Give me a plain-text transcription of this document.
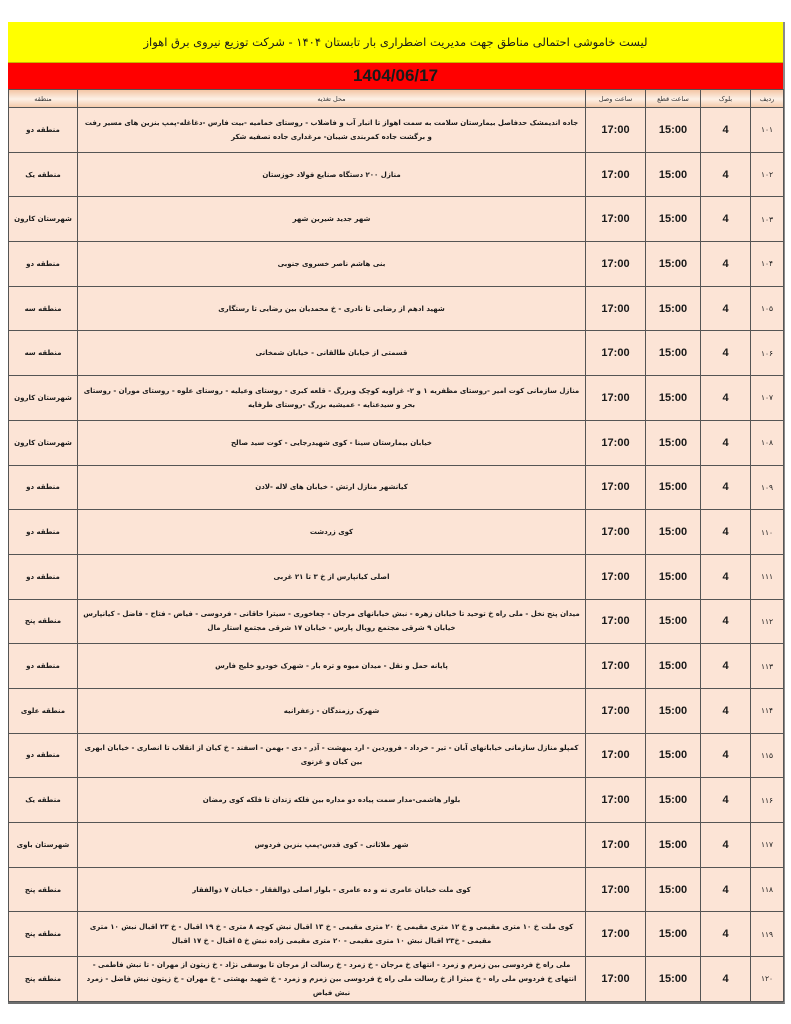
لیست خاموشی احتمالی مناطق جهت مدیریت اضطراری بار تابستان ۱۴۰۴ - شرکت توزیع نیروی برق اهواز
1404/06/17
ردیف	بلوک	ساعت قطع	ساعت وصل	محل تغذیه	منطقه
۱۰۱	4	15:00	17:00	جاده اندیمشک حدفاصل بیمارستان سلامت به سمت اهواز تا انبار آب و فاضلاب - روستای خمامیه -بیت فارس -دغاغله-پمپ بنزین های مسیر رفت و برگشت جاده کمربندی شیبان- مرغداری جاده تصفیه شکر	منطقه دو
۱۰۲	4	15:00	17:00	منازل ۲۰۰ دستگاه صنایع فولاد خوزستان	منطقه یک
۱۰۳	4	15:00	17:00	شهر جدید شیرین شهر	شهرستان کارون
۱۰۴	4	15:00	17:00	بنی هاشم ناصر خسروی جنوبی	منطقه دو
۱۰۵	4	15:00	17:00	شهید ادهم از رضایی تا نادری - خ محمدیان بین رضایی تا رستگاری	منطقه سه
۱۰۶	4	15:00	17:00	قسمتی از خیابان طالقانی - خیابان شمخانی	منطقه سه
۱۰۷	4	15:00	17:00	منازل سازمانی کوت امیر -روستای مظفریه ۱ و ۲- غزاویه کوچک وبزرگ - قلعه کبری - روستای وعیلیه - روستای علوه - روستای موران - روستای بحر و سیدعنایه - عمیشیه بزرگ -روستای طرفایه	شهرستان کارون
۱۰۸	4	15:00	17:00	خیابان بیمارستان سینا - کوی شهیدرجایی - کوت سید صالح	شهرستان کارون
۱۰۹	4	15:00	17:00	کیانشهر منازل ارتش - خیابان های لاله -لادن	منطقه دو
۱۱۰	4	15:00	17:00	کوی زردشت	منطقه دو
۱۱۱	4	15:00	17:00	اصلی کیانپارس از خ ۳ تا ۲۱ غربی	منطقه دو
۱۱۲	4	15:00	17:00	میدان پنج نخل - ملی راه خ توحید تا خیابان زهره - نبش خیابانهای مرجان - چغاخوری - سیترا خاقانی - فردوسی - فیاض - فتاح - فاضل - کیانپارس خیابان ۹ شرقی مجتمع رویال پارس - خیابان ۱۷ شرقی مجتمع استار مال	منطقه پنج
۱۱۳	4	15:00	17:00	پایانه حمل و نقل - میدان میوه و تره بار - شهرک خودرو خلیج فارس	منطقه دو
۱۱۴	4	15:00	17:00	شهرک رزمندگان - زعفرانیه	منطقه علوی
۱۱۵	4	15:00	17:00	کمپلو منازل سازمانی خیابانهای آبان - تیر - خرداد - فروردین - ارد یبهشت - آذر - دی - بهمن - اسفند - خ کیان از انقلاب تا انصاری - خیابان ابهری بین کیان و غزنوی	منطقه دو
۱۱۶	4	15:00	17:00	بلوار هاشمی-مدار سمت پیاده دو مداره بین فلکه زندان تا فلکه کوی رمضان	منطقه یک
۱۱۷	4	15:00	17:00	شهر ملاثانی - کوی قدس-پمپ بنزین فردوس	شهرستان باوی
۱۱۸	4	15:00	17:00	کوی ملت خیابان عامری نه و ده عامری - بلوار اصلی ذوالفقار - خیابان ۷ ذوالفقار	منطقه پنج
۱۱۹	4	15:00	17:00	کوی ملت خ ۱۰ متری مقیمی و خ ۱۲ متری مقیمی خ ۲۰ متری مقیمی - خ ۱۳ اقبال نبش کوچه ۸ متری - خ ۱۹ اقبال - خ ۲۳ اقبال نبش ۱۰ متری مقیمی - خ۲۳ اقبال نبش ۱۰ متری مقیمی - ۲۰ متری مقیمی زاده نبش خ ۵ اقبال - خ ۱۷ اقبال	منطقه پنج
۱۲۰	4	15:00	17:00	ملی راه خ فردوسی بین زمزم و زمرد - انتهای خ مرجان - خ زمرد - خ رسالت از مرجان تا یوسفی نژاد - خ زیتون از مهران - تا نبش فاطمی - انتهای خ فردوس ملی راه - خ میترا از خ رسالت ملی راه خ فردوسی بین زمزم و زمرد - خ شهید بهشتی - خ مهران - خ زیتون نبش فاضل - زمرد نبش فیاض	منطقه پنج
